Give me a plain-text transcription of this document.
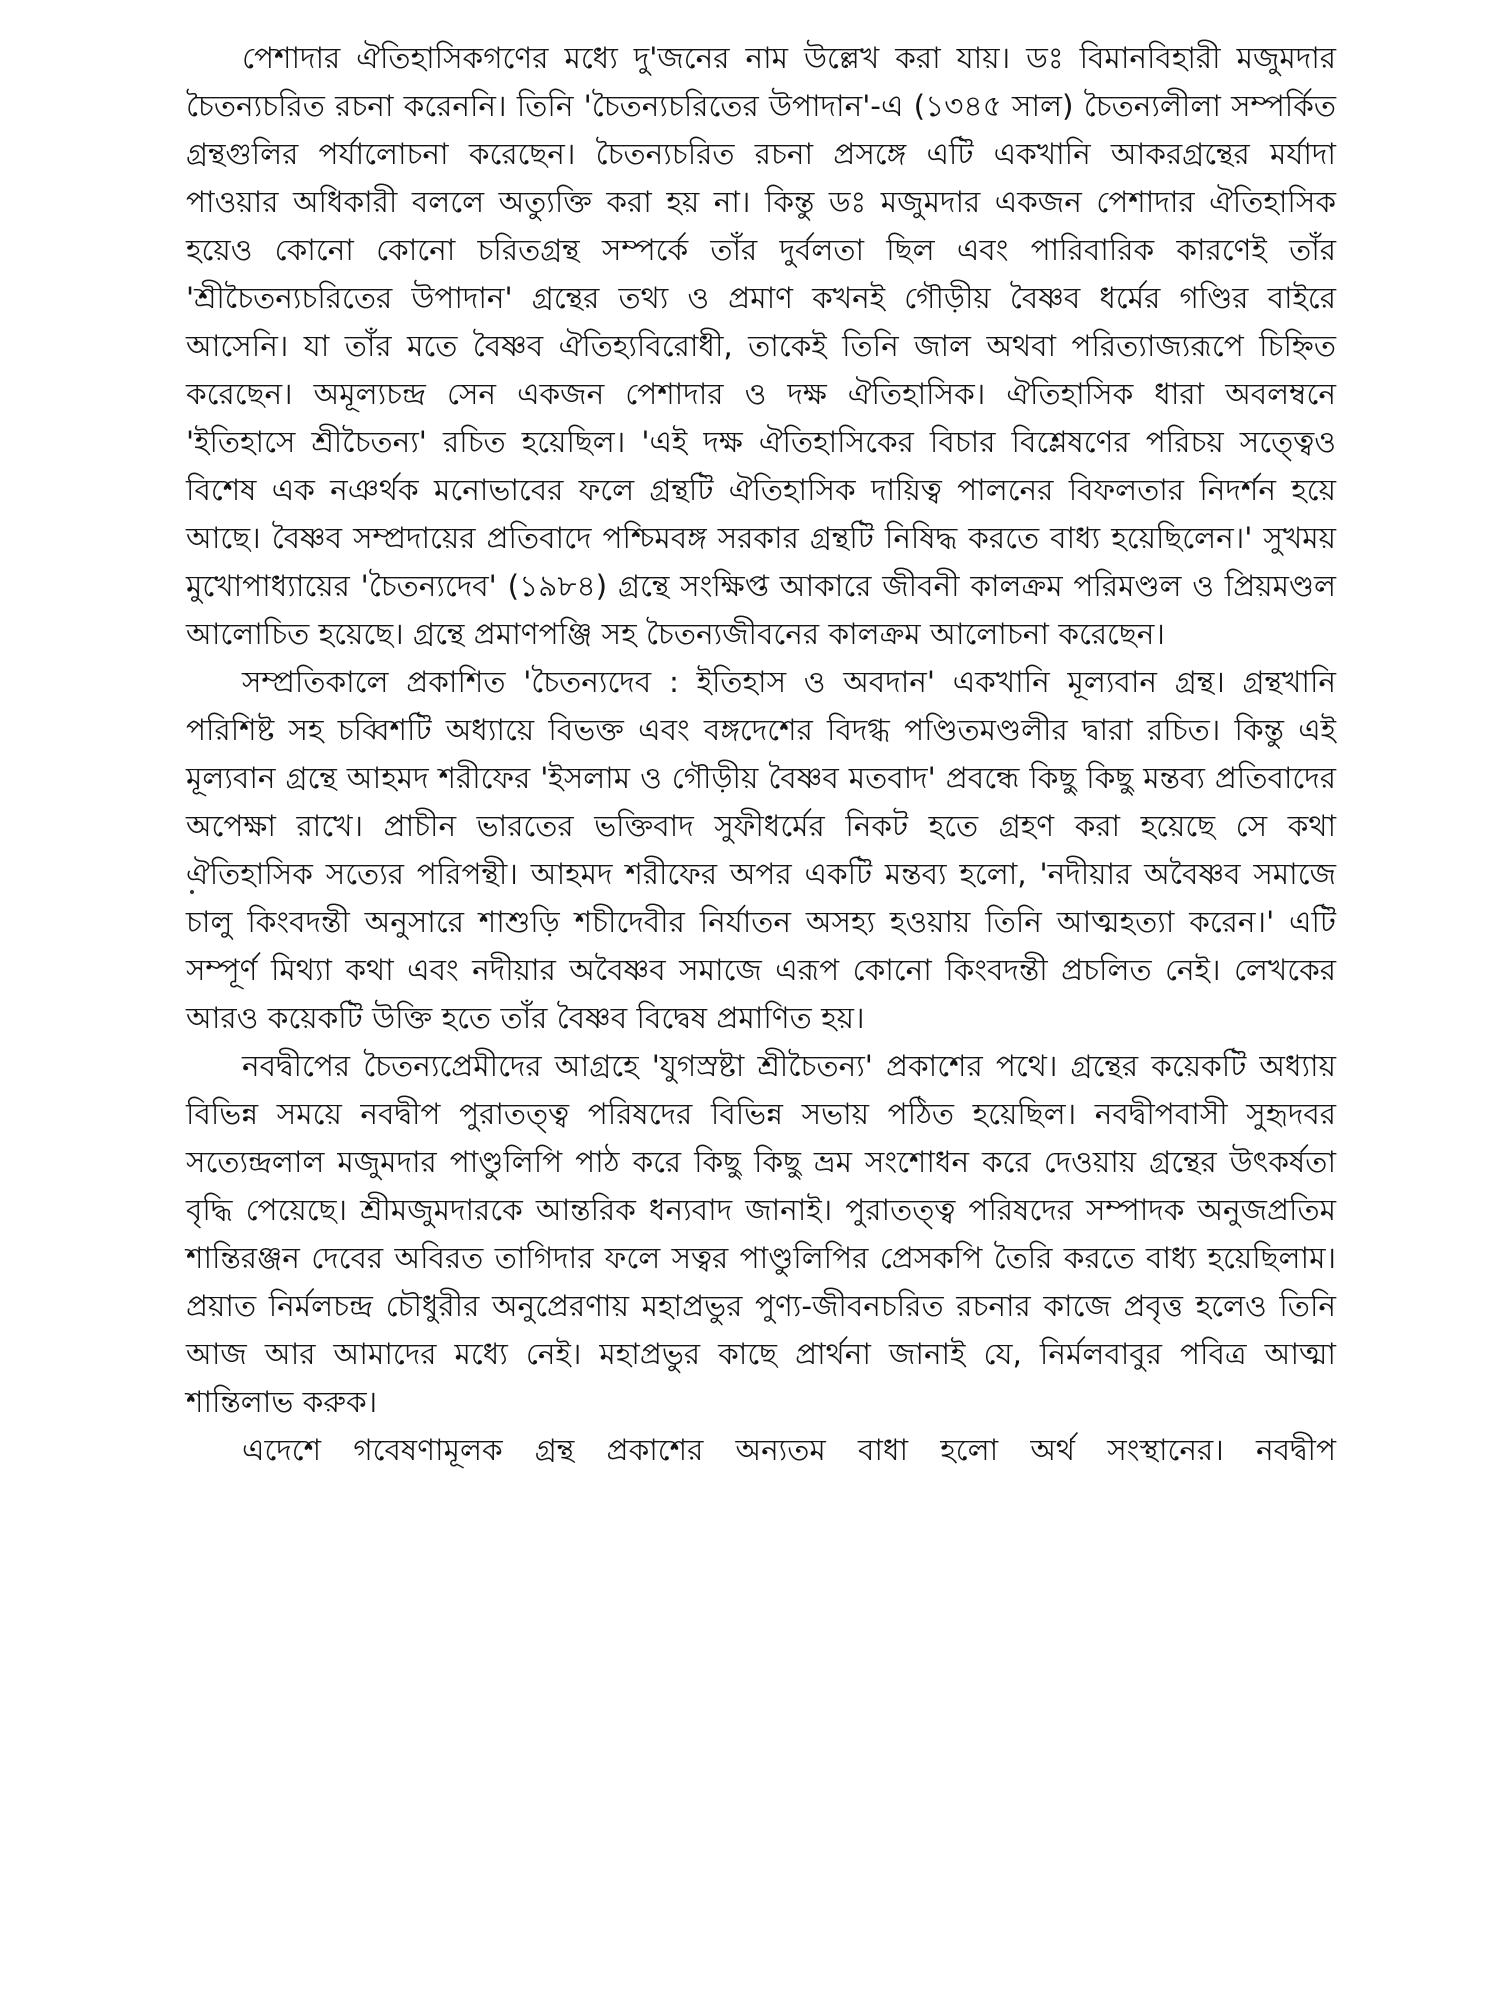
পেশাদার ঐতিহাসিকগণের মধ্যে দু'জনের নাম উল্লেখ করা যায়। ডঃ বিমানবিহারী মজুমদার চৈতন্যচরিত রচনা করেননি। তিনি 'চৈতন্যচরিতের উপাদান'-এ (১৩৪৫ সাল) চৈতন্যলীলা সম্পর্কিত গ্রন্থগুলির পর্যালোচনা করেছেন। চৈতন্যচরিত রচনা প্রসঙ্গে এটি একখানি আকরগ্রন্থের মর্যাদা পাওয়ার অধিকারী বললে অত্যুক্তি করা হয় না। কিন্তু ডঃ মজুমদার একজন পেশাদার ঐতিহাসিক হয়েও কোনো কোনো চরিতগ্রন্থ সম্পর্কে তাঁর দুর্বলতা ছিল এবং পারিবারিক কারণেই তাঁর 'শ্রীচৈতন্যচরিতের উপাদান' গ্রন্থের তথ্য ও প্রমাণ কখনই গৌড়ীয় বৈষ্ণব ধর্মের গণ্ডির বাইরে আসেনি। যা তাঁর মতে বৈষ্ণব ঐতিহ্যবিরোধী, তাকেই তিনি জাল অথবা পরিত্যাজ্যরূপে চিহ্নিত করেছেন। অমূল্যচন্দ্র সেন একজন পেশাদার ও দক্ষ ঐতিহাসিক। ঐতিহাসিক ধারা অবলম্বনে 'ইতিহাসে শ্রীচৈতন্য' রচিত হয়েছিল। 'এই দক্ষ ঐতিহাসিকের বিচার বিশ্লেষণের পরিচয় সত্ত্বেও বিশেষ এক নঞর্থক মনোভাবের ফলে গ্রন্থটি ঐতিহাসিক দায়িত্ব পালনের বিফলতার নিদর্শন হয়ে আছে। বৈষ্ণব সম্প্রদায়ের প্রতিবাদে পশ্চিমবঙ্গ সরকার গ্রন্থটি নিষিদ্ধ করতে বাধ্য হয়েছিলেন।' সুখময় মুখোপাধ্যায়ের 'চৈতন্যদেব' (১৯৮৪) গ্রন্থে সংক্ষিপ্ত আকারে জীবনী কালক্রম পরিমণ্ডল ও প্রিয়মণ্ডল আলোচিত হয়েছে। গ্রন্থে প্রমাণপঞ্জি সহ চৈতন্যজীবনের কালক্রম আলোচনা করেছেন।

সম্প্রতিকালে প্রকাশিত 'চৈতন্যদেব : ইতিহাস ও অবদান' একখানি মূল্যবান গ্রন্থ। গ্রন্থখানি পরিশিষ্ট সহ চব্বিশটি অধ্যায়ে বিভক্ত এবং বঙ্গদেশের বিদগ্ধ পণ্ডিতমণ্ডলীর দ্বারা রচিত। কিন্তু এই মূল্যবান গ্রন্থে আহমদ শরীফের 'ইসলাম ও গৌড়ীয় বৈষ্ণব মতবাদ' প্রবন্ধে কিছু কিছু মন্তব্য প্রতিবাদের অপেক্ষা রাখে। প্রাচীন ভারতের ভক্তিবাদ সুফীধর্মের নিকট হতে গ্রহণ করা হয়েছে সে কথা ঐতিহাসিক সত্যের পরিপন্থী। আহমদ শরীফের অপর একটি মন্তব্য হলো, 'নদীয়ার অবৈষ্ণব সমাজে চালু কিংবদন্তী অনুসারে শাশুড়ি শচীদেবীর নির্যাতন অসহ্য হওয়ায় তিনি আত্মহত্যা করেন।' এটি সম্পূর্ণ মিথ্যা কথা এবং নদীয়ার অবৈষ্ণব সমাজে এরূপ কোনো কিংবদন্তী প্রচলিত নেই। লেখকের আরও কয়েকটি উক্তি হতে তাঁর বৈষ্ণব বিদ্বেষ প্রমাণিত হয়।

নবদ্বীপের চৈতন্যপ্রেমীদের আগ্রহে 'যুগস্রষ্টা শ্রীচৈতন্য' প্রকাশের পথে। গ্রন্থের কয়েকটি অধ্যায় বিভিন্ন সময়ে নবদ্বীপ পুরাতত্ত্ব পরিষদের বিভিন্ন সভায় পঠিত হয়েছিল। নবদ্বীপবাসী সুহৃদবর সত্যেন্দ্রলাল মজুমদার পাণ্ডুলিপি পাঠ করে কিছু কিছু ভ্রম সংশোধন করে দেওয়ায় গ্রন্থের উৎকর্ষতা বৃদ্ধি পেয়েছে। শ্রীমজুমদারকে আন্তরিক ধন্যবাদ জানাই। পুরাতত্ত্ব পরিষদের সম্পাদক অনুজপ্রতিম শান্তিরঞ্জন দেবের অবিরত তাগিদার ফলে সত্বর পাণ্ডুলিপির প্রেসকপি তৈরি করতে বাধ্য হয়েছিলাম। প্রয়াত নির্মলচন্দ্র চৌধুরীর অনুপ্রেরণায় মহাপ্রভুর পুণ্য-জীবনচরিত রচনার কাজে প্রবৃত্ত হলেও তিনি আজ আর আমাদের মধ্যে নেই। মহাপ্রভুর কাছে প্রার্থনা জানাই যে, নির্মলবাবুর পবিত্র আত্মা শান্তিলাভ করুক।

এদেশে গবেষণামূলক গ্রন্থ প্রকাশের অন্যতম বাধা হলো অর্থ সংস্থানের। নবদ্বীপ
